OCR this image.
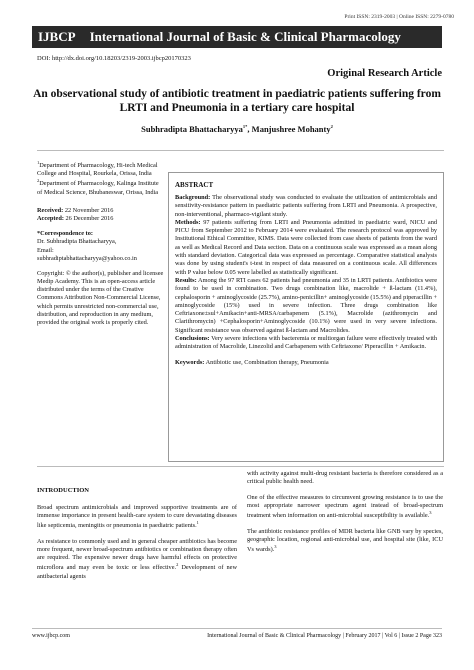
Print ISSN: 2319-2003 | Online ISSN: 2279-0780
IJBCP International Journal of Basic & Clinical Pharmacology
DOI: http://dx.doi.org/10.18203/2319-2003.ijbcp20170323
Original Research Article
An observational study of antibiotic treatment in paediatric patients suffering from LRTI and Pneumonia in a tertiary care hospital
Subhradipta Bhattacharyya$^{1*}$, Manjushree Mohanty$^2$

$^1$Department of Pharmacology, Hi-tech Medical College and Hospital, Rourkela, Orissa, India
$^2$Department of Pharmacology, Kalinga Institute of Medical Science, Bhubaneswar, Orissa, India

Received: 22 November 2016
Accepted: 26 December 2016

*Correspondence to:
Dr. Subhradipta Bhattacharyya,
Email:
subhradiptabhattacharyya@yahoo.co.in

Copyright: © the author(s), publisher and licensee Medip Academy. This is an open-access article distributed under the terms of the Creative Commons Attribution Non-Commercial License, which permits unrestricted non-commercial use, distribution, and reproduction in any medium, provided the original work is properly cited.

ABSTRACT

Background: The observational study was conducted to evaluate the utilization of antimicrobials and sensitivity-resistance pattern in paediatric patients suffering from LRTI and Pneumonia. A prospective, non-interventional, pharmaco-vigilant study.

Methods: 97 patients suffering from LRTI and Pneumonia admitted in paediatric ward, NICU and PICU from September 2012 to February 2014 were evaluated. The research protocol was approved by Institutional Ethical Committee, KIMS. Data were collected from case sheets of patients from the ward as well as Medical Record and Data section. Data on a continuous scale was expressed as a mean along with standard deviation. Categorical data was expressed as percentage. Comparative statistical analysis was done by using student's t-test in respect of data measured on a continuous scale. All differences with P value below 0.05 were labelled as statistically significant.

Results: Among the 97 RTI cases 62 patients had pneumonia and 35 in LRTI patients. Antibiotics were found to be used in combination. Two drugs combination like, macrolide + ß-lactam (11.4%), cephalosporin + aminoglycoside (25.7%), amino-penicillin+ aminoglycoside (15.5%) and piperacillin + aminoglycoside (15%) used in severe infection. Three drugs combination like Ceftriaxone±sul+Amikacin+anti-MRSA/carbapenem (5.1%), Macrolide (azithromycin and Clarithromycin) +Cephalosporin+Aminoglycoside (10.1%) were used in very severe infections. Significant resistance was observed against ß-lactam and Macrolides.

Conclusions: Very severe infections with bacteremia or multiorgan failure were effectively treated with administration of Macrolide, Linezolid and Carbapenem with Ceftriaxone/ Piperacillin + Amikacin.

Keywords: Antibiotic use, Combination therapy, Pneumonia
INTRODUCTION

Broad spectrum antimicrobials and improved supportive treatments are of immense importance in present health-care system to cure devastating diseases like septicemia, meningitis or pneumonia in paediatric patients.$^1$

As resistance to commonly used and in general cheaper antibiotics has become more frequent, newer broad-spectrum antibiotics or combination therapy often are required. The expensive newer drugs have harmful effects on protective microflora and may even be toxic or less effective.$^2$ Development of new antibacterial agents

with activity against multi-drug resistant bacteria is therefore considered as a critical public health need.

One of the effective measures to circumvent growing resistance is to use the most appropriate narrower spectrum agent instead of broad-spectrum treatment when information on anti-microbial susceptibility is available.$^3$

The antibiotic resistance profiles of MDR bacteria like GNB vary by species, geographic location, regional anti-microbial use, and hospital site (like, ICU Vs wards).$^3$

www.ijbcp.com	International Journal of Basic & Clinical Pharmacology | February 2017 | Vol 6 | Issue 2 Page 323
